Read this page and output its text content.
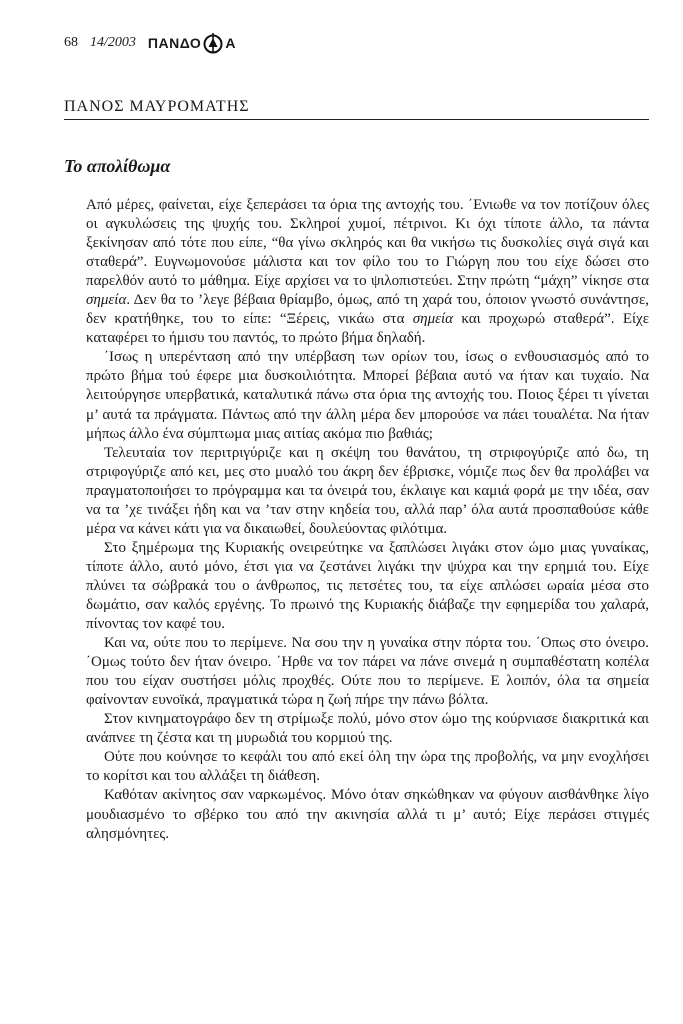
68 14/2003 ΠΑΝΔΟ Α
ΠΑΝΟΣ ΜΑΥΡΟΜΑΤΗΣ
Το απολίθωμα

Από μέρες, φαίνεται, είχε ξεπεράσει τα όρια της αντοχής του. ΄Ενιωθε να τον ποτίζουν όλες οι αγκυλώσεις της ψυχής του. Σκληροί χυμοί, πέτρινοι. Κι όχι τίποτε άλλο, τα πάντα ξεκίνησαν από τότε που είπε, “θα γίνω σκληρός και θα νικήσω τις δυσκολίες σιγά σιγά και σταθερά”. Ευγνωμονούσε μάλιστα και τον φίλο του το Γιώργη που του είχε δώσει στο παρελθόν αυτό το μάθημα. Είχε αρχίσει να το ψιλοπιστεύει. Στην πρώτη “μάχη” νίκησε στα σημεία. Δεν θα το ’λεγε βέβαια θρίαμβο, όμως, από τη χαρά του, όποιον γνωστό συνάντησε, δεν κρατήθηκε, του το είπε: “Ξέρεις, νικάω στα σημεία και προχωρώ σταθερά”. Είχε καταφέρει το ήμισυ του παντός, το πρώτο βήμα δηλαδή.

΄Ισως η υπερένταση από την υπέρβαση των ορίων του, ίσως ο ενθουσιασμός από το πρώτο βήμα τού έφερε μια δυσκοιλιότητα. Μπορεί βέβαια αυτό να ήταν και τυχαίο. Να λειτούργησε υπερβατικά, καταλυτικά πάνω στα όρια της αντοχής του. Ποιος ξέρει τι γίνεται μ’ αυτά τα πράγματα. Πάντως από την άλλη μέρα δεν μπορούσε να πάει τουαλέτα. Να ήταν μήπως άλλο ένα σύμπτωμα μιας αιτίας ακόμα πιο βαθιάς;

Τελευταία τον περιτριγύριζε και η σκέψη του θανάτου, τη στριφογύριζε από δω, τη στριφογύριζε από κει, μες στο μυαλό του άκρη δεν έβρισκε, νόμιζε πως δεν θα προλάβει να πραγματοποιήσει το πρόγραμμα και τα όνειρά του, έκλαιγε και καμιά φορά με την ιδέα, σαν να τα ’χε τινάξει ήδη και να ’ταν στην κηδεία του, αλλά παρ’ όλα αυτά προσπαθούσε κάθε μέρα να κάνει κάτι για να δικαιωθεί, δουλεύοντας φιλότιμα.

Στο ξημέρωμα της Κυριακής ονειρεύτηκε να ξαπλώσει λιγάκι στον ώμο μιας γυναίκας, τίποτε άλλο, αυτό μόνο, έτσι για να ζεστάνει λιγάκι την ψύχρα και την ερημιά του. Είχε πλύνει τα σώβρακά του ο άνθρωπος, τις πετσέτες του, τα είχε απλώσει ωραία μέσα στο δωμάτιο, σαν καλός εργένης. Το πρωινό της Κυριακής διάβαζε την εφημερίδα του χαλαρά, πίνοντας τον καφέ του.

Και να, ούτε που το περίμενε. Να σου την η γυναίκα στην πόρτα του. ΄Οπως στο όνειρο. ΄Ομως τούτο δεν ήταν όνειρο. ΄Ηρθε να τον πάρει να πάνε σινεμά η συμπαθέστατη κοπέλα που του είχαν συστήσει μόλις προχθές. Ούτε που το περίμενε. Ε λοιπόν, όλα τα σημεία φαίνονταν ευνοϊκά, πραγματικά τώρα η ζωή πήρε την πάνω βόλτα.

Στον κινηματογράφο δεν τη στρίμωξε πολύ, μόνο στον ώμο της κούρνιασε διακριτικά και ανάπνεε τη ζέστα και τη μυρωδιά του κορμιού της.

Ούτε που κούνησε το κεφάλι του από εκεί όλη την ώρα της προβολής, να μην ενοχλήσει το κορίτσι και του αλλάξει τη διάθεση.

Καθόταν ακίνητος σαν ναρκωμένος. Μόνο όταν σηκώθηκαν να φύγουν αισθάνθηκε λίγο μουδιασμένο το σβέρκο του από την ακινησία αλλά τι μ’ αυτό; Είχε περάσει στιγμές αλησμόνητες.
